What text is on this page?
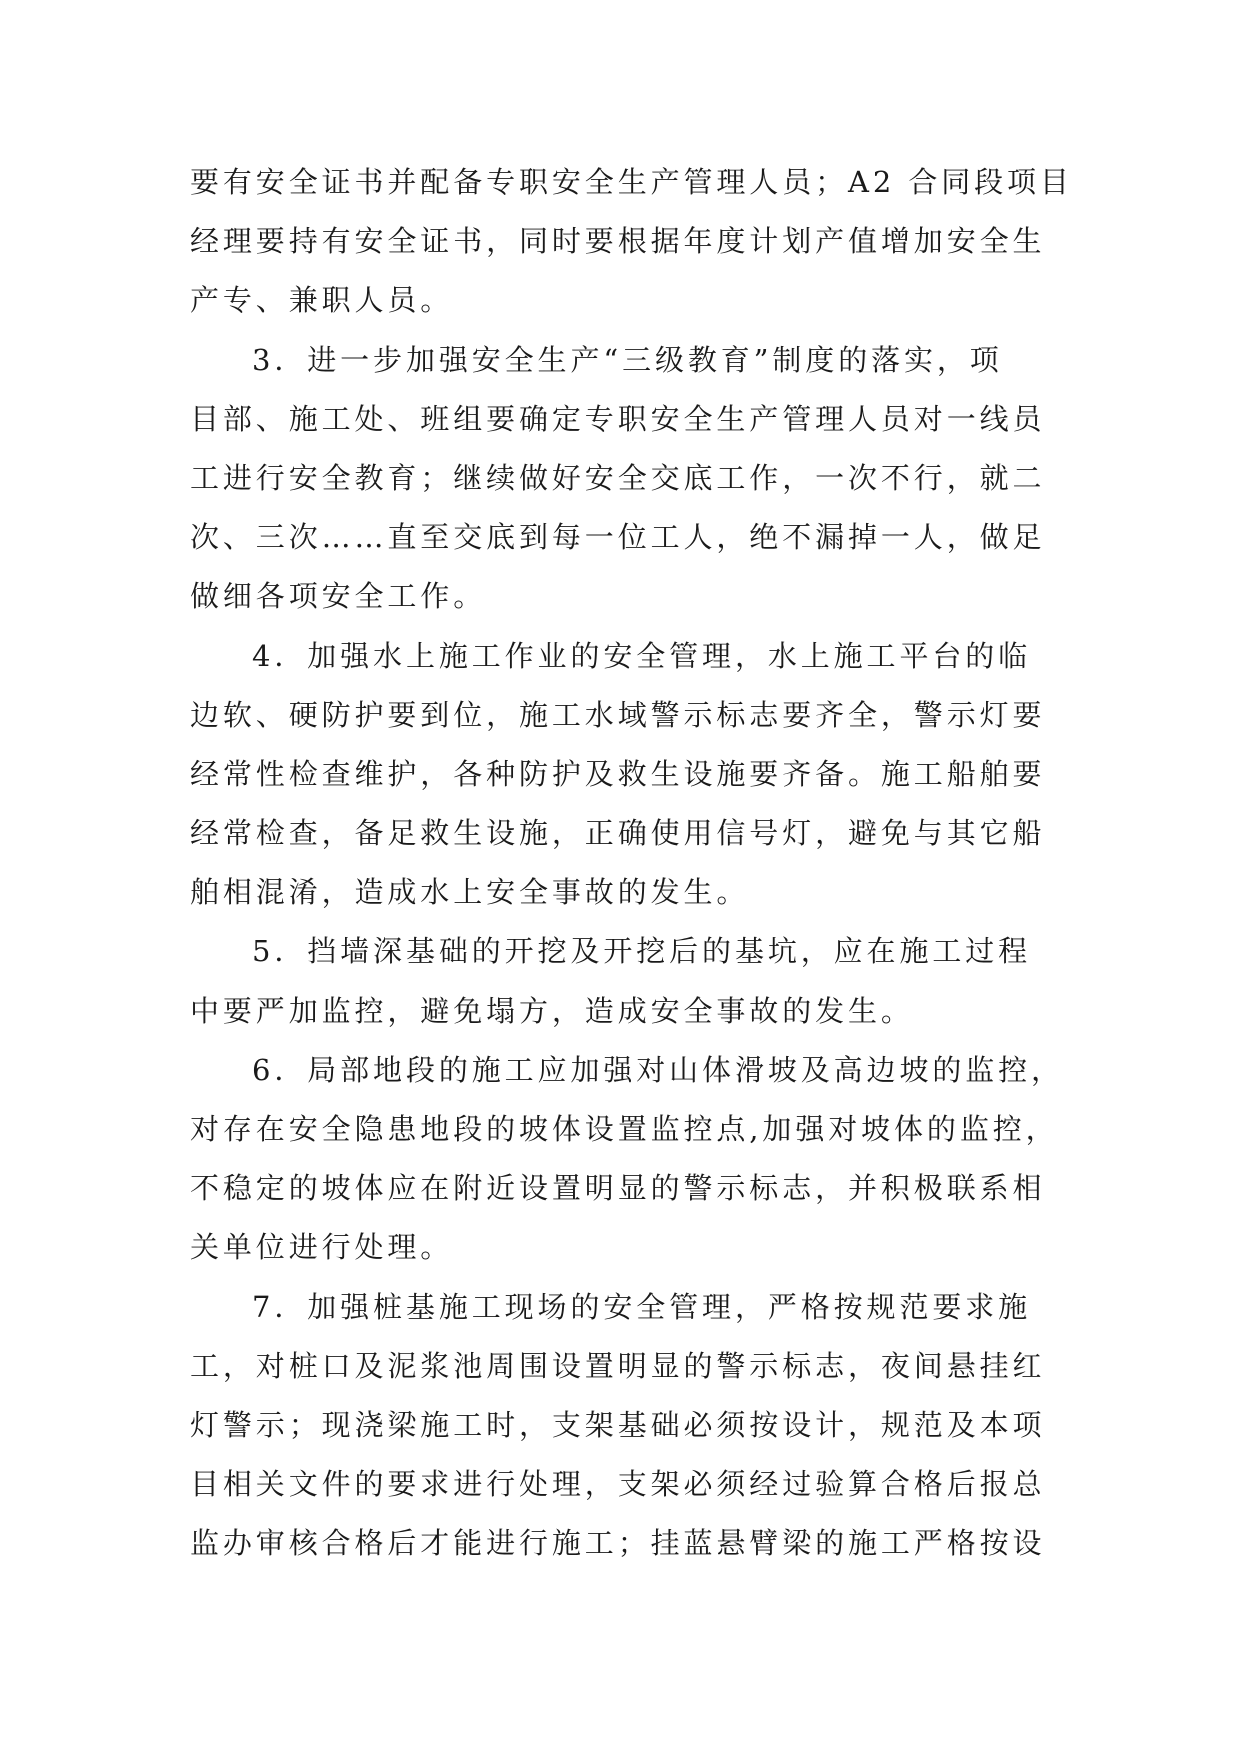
要有安全证书并配备专职安全生产管理人员；A2 合同段项目
经理要持有安全证书，同时要根据年度计划产值增加安全生
产专、兼职人员。
3．进一步加强安全生产“三级教育”制度的落实，项
目部、施工处、班组要确定专职安全生产管理人员对一线员
工进行安全教育；继续做好安全交底工作，一次不行，就二
次、三次……直至交底到每一位工人，绝不漏掉一人，做足
做细各项安全工作。
4．加强水上施工作业的安全管理，水上施工平台的临
边软、硬防护要到位，施工水域警示标志要齐全，警示灯要
经常性检查维护，各种防护及救生设施要齐备。施工船舶要
经常检查，备足救生设施，正确使用信号灯，避免与其它船
舶相混淆，造成水上安全事故的发生。
5．挡墙深基础的开挖及开挖后的基坑，应在施工过程
中要严加监控，避免塌方，造成安全事故的发生。
6．局部地段的施工应加强对山体滑坡及高边坡的监控，
对存在安全隐患地段的坡体设置监控点,加强对坡体的监控，
不稳定的坡体应在附近设置明显的警示标志，并积极联系相
关单位进行处理。
7．加强桩基施工现场的安全管理，严格按规范要求施
工，对桩口及泥浆池周围设置明显的警示标志，夜间悬挂红
灯警示；现浇梁施工时，支架基础必须按设计，规范及本项
目相关文件的要求进行处理，支架必须经过验算合格后报总
监办审核合格后才能进行施工；挂蓝悬臂梁的施工严格按设
